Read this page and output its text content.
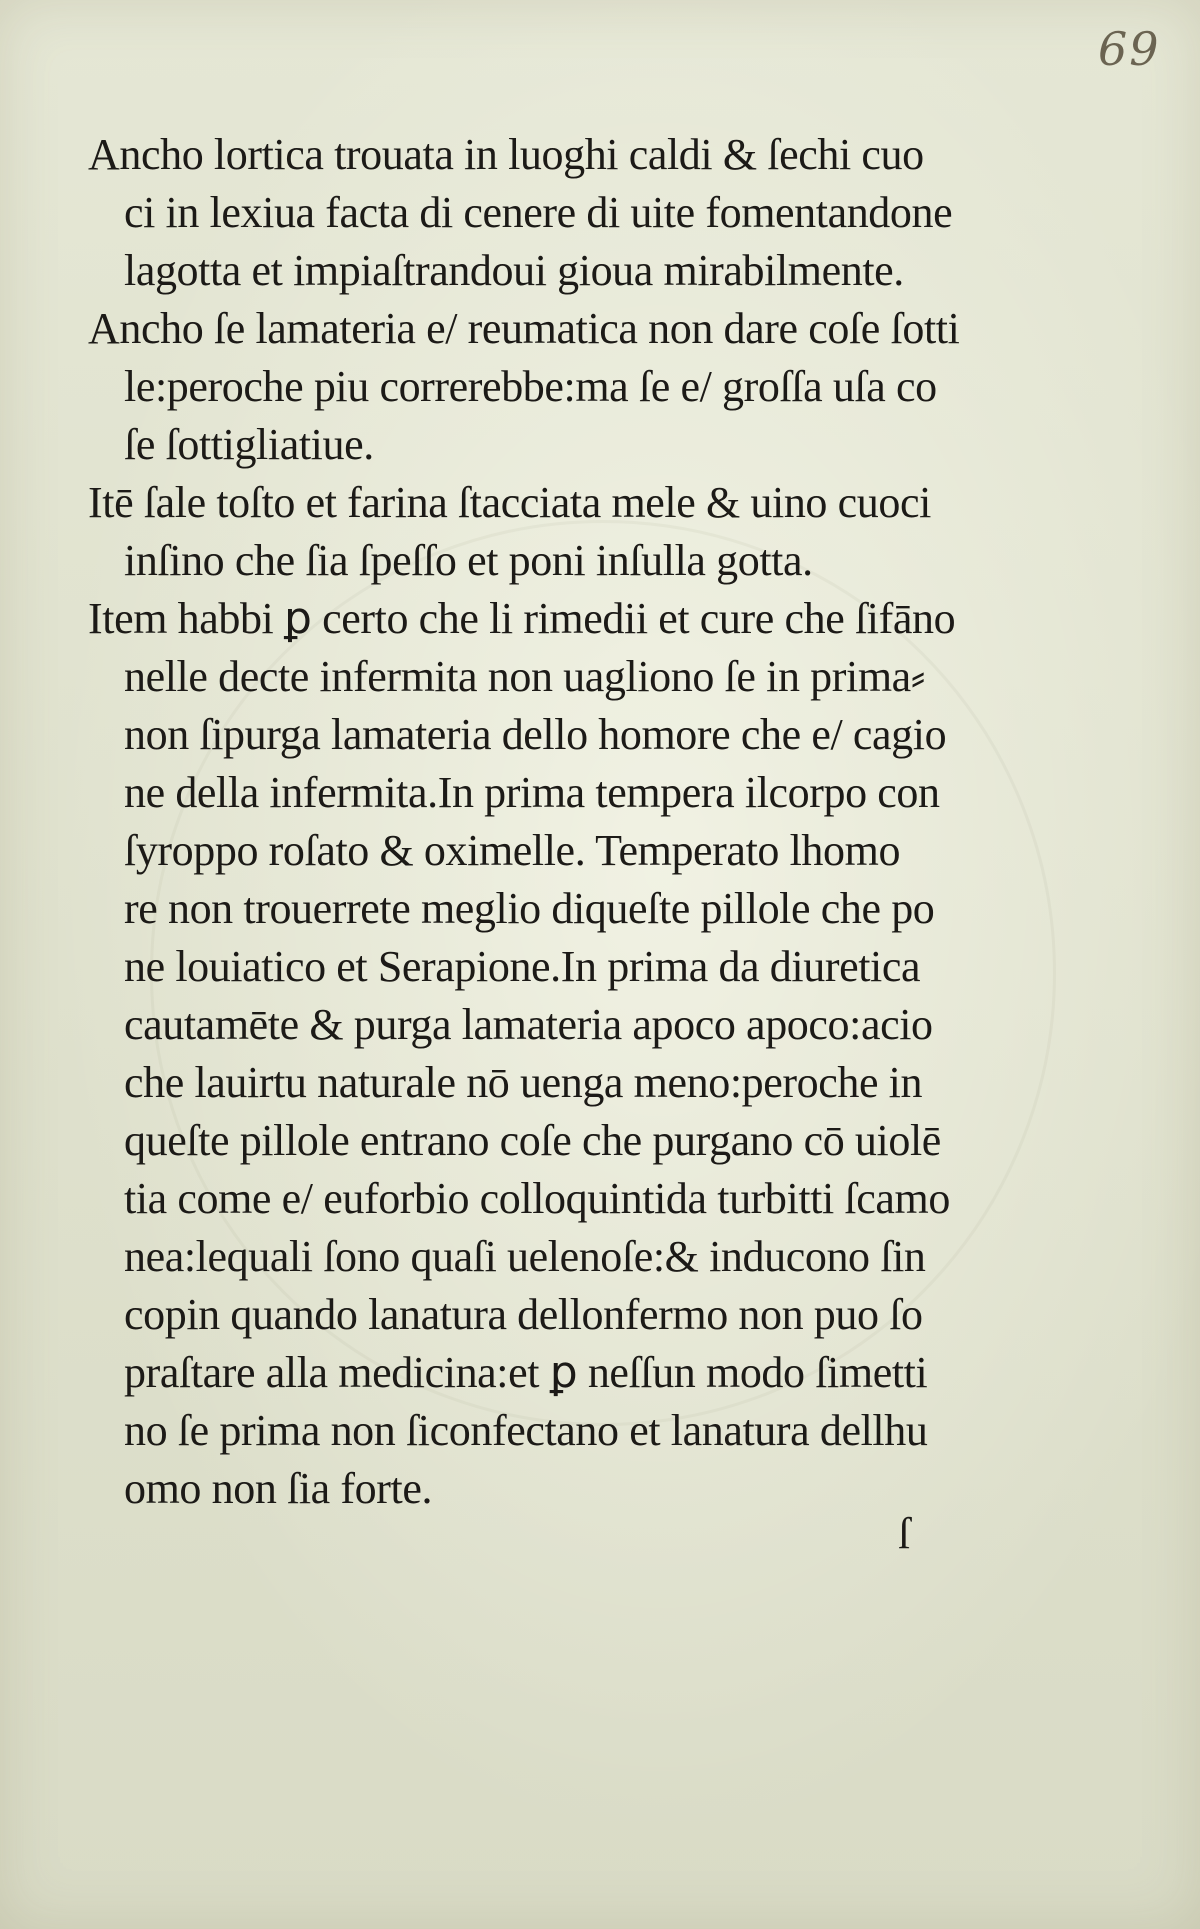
69
Ancho lortica trouata in luoghi caldi & ſechi cuo
ci in lexiua facta di cenere di uite fomentandone
lagotta et impiaſtrandoui gioua mirabilmente.
Ancho ſe lamateria e/ reumatica non dare coſe ſotti
le:peroche piu correrebbe:ma ſe e/ groſſa uſa co
ſe ſottigliatiue.
Itē ſale toſto et farina ſtacciata mele & uino cuoci
inſino che ſia ſpeſſo et poni inſulla gotta.
Item habbi ꝑ certo che li rimedii et cure che ſifāno
nelle decte infermita non uagliono ſe in prima⸗
non ſipurga lamateria dello homore che e/ cagio
ne della infermita.In prima tempera ilcorpo con
ſyroppo roſato & oximelle. Temperato lhomo
re non trouerrete meglio diqueſte pillole che po
ne louiatico et Serapione.In prima da diuretica
cautamēte & purga lamateria apoco apoco:acio
che lauirtu naturale nō uenga meno:peroche in
queſte pillole entrano coſe che purgano cō uiolē
tia come e/ euforbio colloquintida turbitti ſcamo
nea:lequali ſono quaſi uelenoſe:& inducono ſin
copin quando lanatura dellonfermo non puo ſo
praſtare alla medicina:et ꝑ neſſun modo ſimetti
no ſe prima non ſiconfectano et lanatura dellhu
omo non ſia forte.
ſ
